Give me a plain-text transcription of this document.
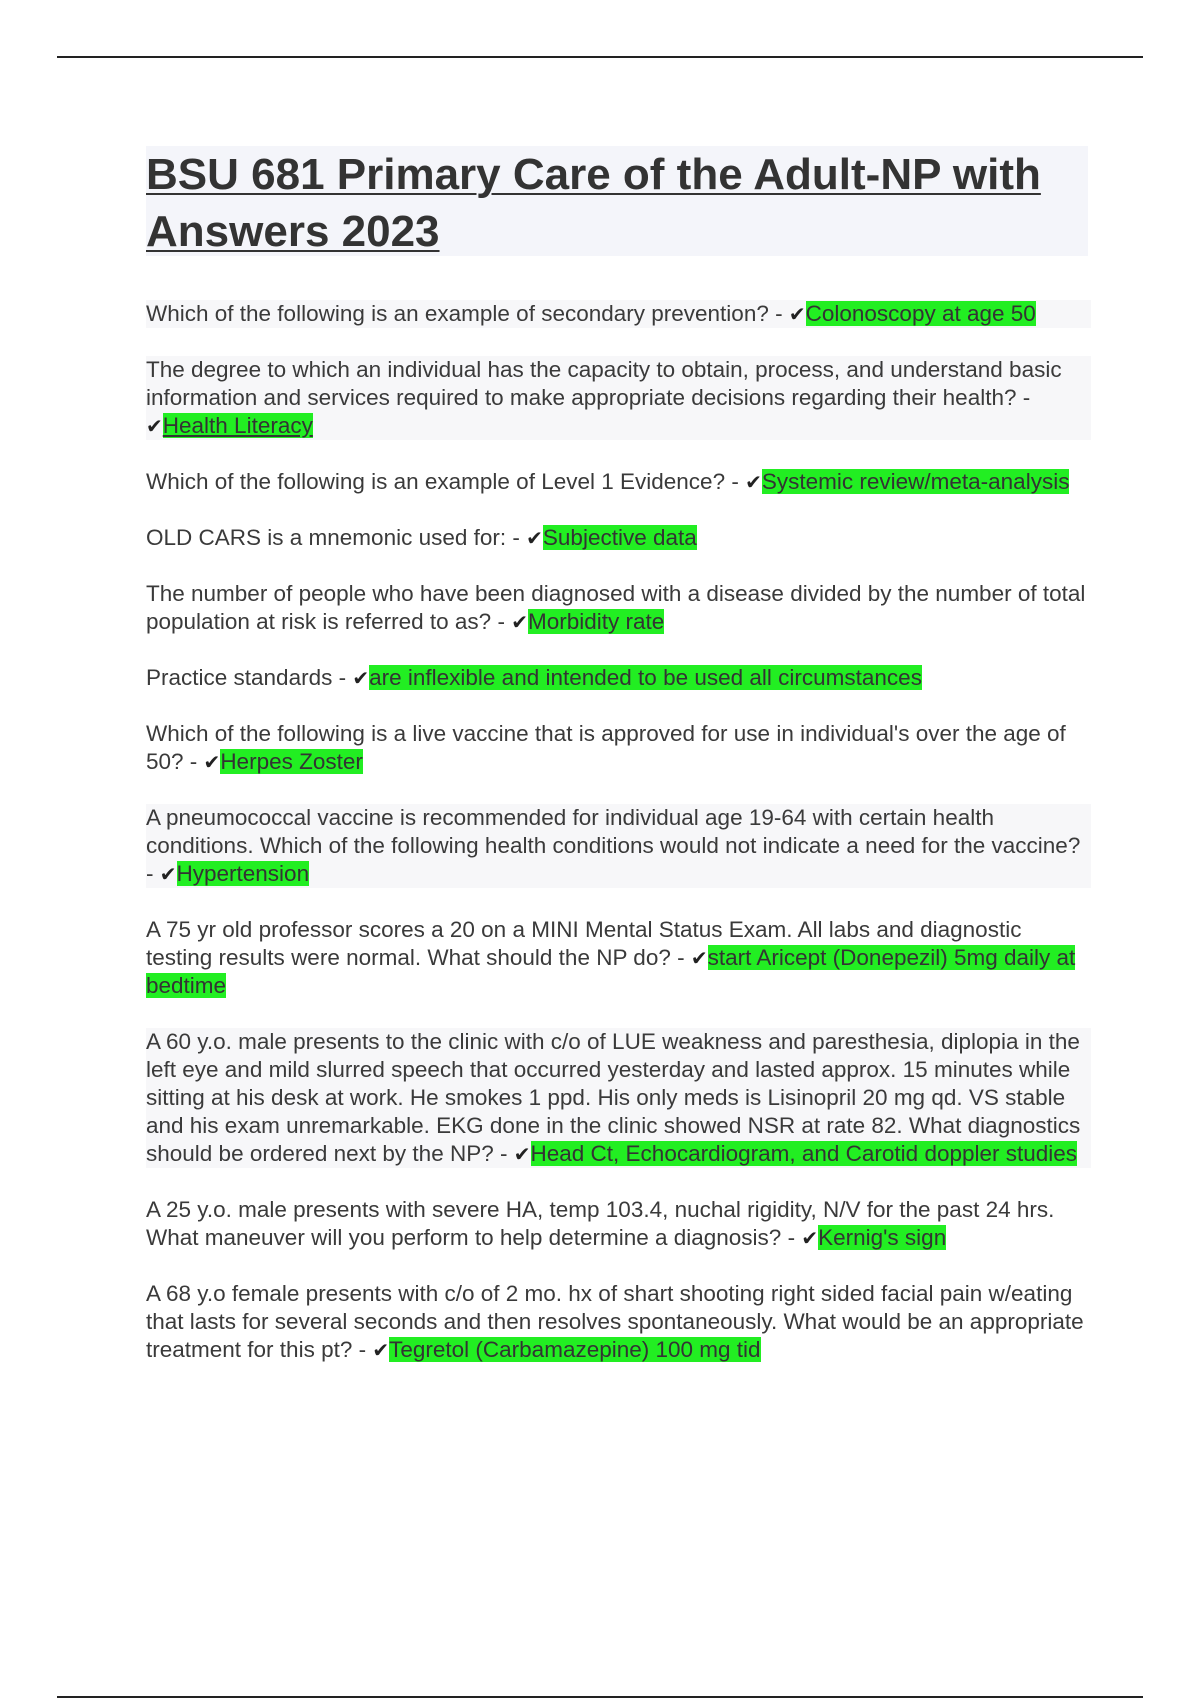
BSU 681 Primary Care of the Adult-NP with Answers 2023

Which of the following is an example of secondary prevention? - ✔Colonoscopy at age 50

The degree to which an individual has the capacity to obtain, process, and understand basic information and services required to make appropriate decisions regarding their health? - ✔Health Literacy

Which of the following is an example of Level 1 Evidence? - ✔Systemic review/meta-analysis

OLD CARS is a mnemonic used for: - ✔Subjective data

The number of people who have been diagnosed with a disease divided by the number of total population at risk is referred to as? - ✔Morbidity rate

Practice standards - ✔are inflexible and intended to be used all circumstances

Which of the following is a live vaccine that is approved for use in individual's over the age of 50? - ✔Herpes Zoster

A pneumococcal vaccine is recommended for individual age 19-64 with certain health conditions. Which of the following health conditions would not indicate a need for the vaccine? - ✔Hypertension

A 75 yr old professor scores a 20 on a MINI Mental Status Exam. All labs and diagnostic testing results were normal. What should the NP do? - ✔start Aricept (Donepezil) 5mg daily at bedtime

A 60 y.o. male presents to the clinic with c/o of LUE weakness and paresthesia, diplopia in the left eye and mild slurred speech that occurred yesterday and lasted approx. 15 minutes while sitting at his desk at work. He smokes 1 ppd. His only meds is Lisinopril 20 mg qd. VS stable and his exam unremarkable. EKG done in the clinic showed NSR at rate 82. What diagnostics should be ordered next by the NP? - ✔Head Ct, Echocardiogram, and Carotid doppler studies

A 25 y.o. male presents with severe HA, temp 103.4, nuchal rigidity, N/V for the past 24 hrs. What maneuver will you perform to help determine a diagnosis? - ✔Kernig's sign

A 68 y.o female presents with c/o of 2 mo. hx of shart shooting right sided facial pain w/eating that lasts for several seconds and then resolves spontaneously. What would be an appropriate treatment for this pt? - ✔Tegretol (Carbamazepine) 100 mg tid
